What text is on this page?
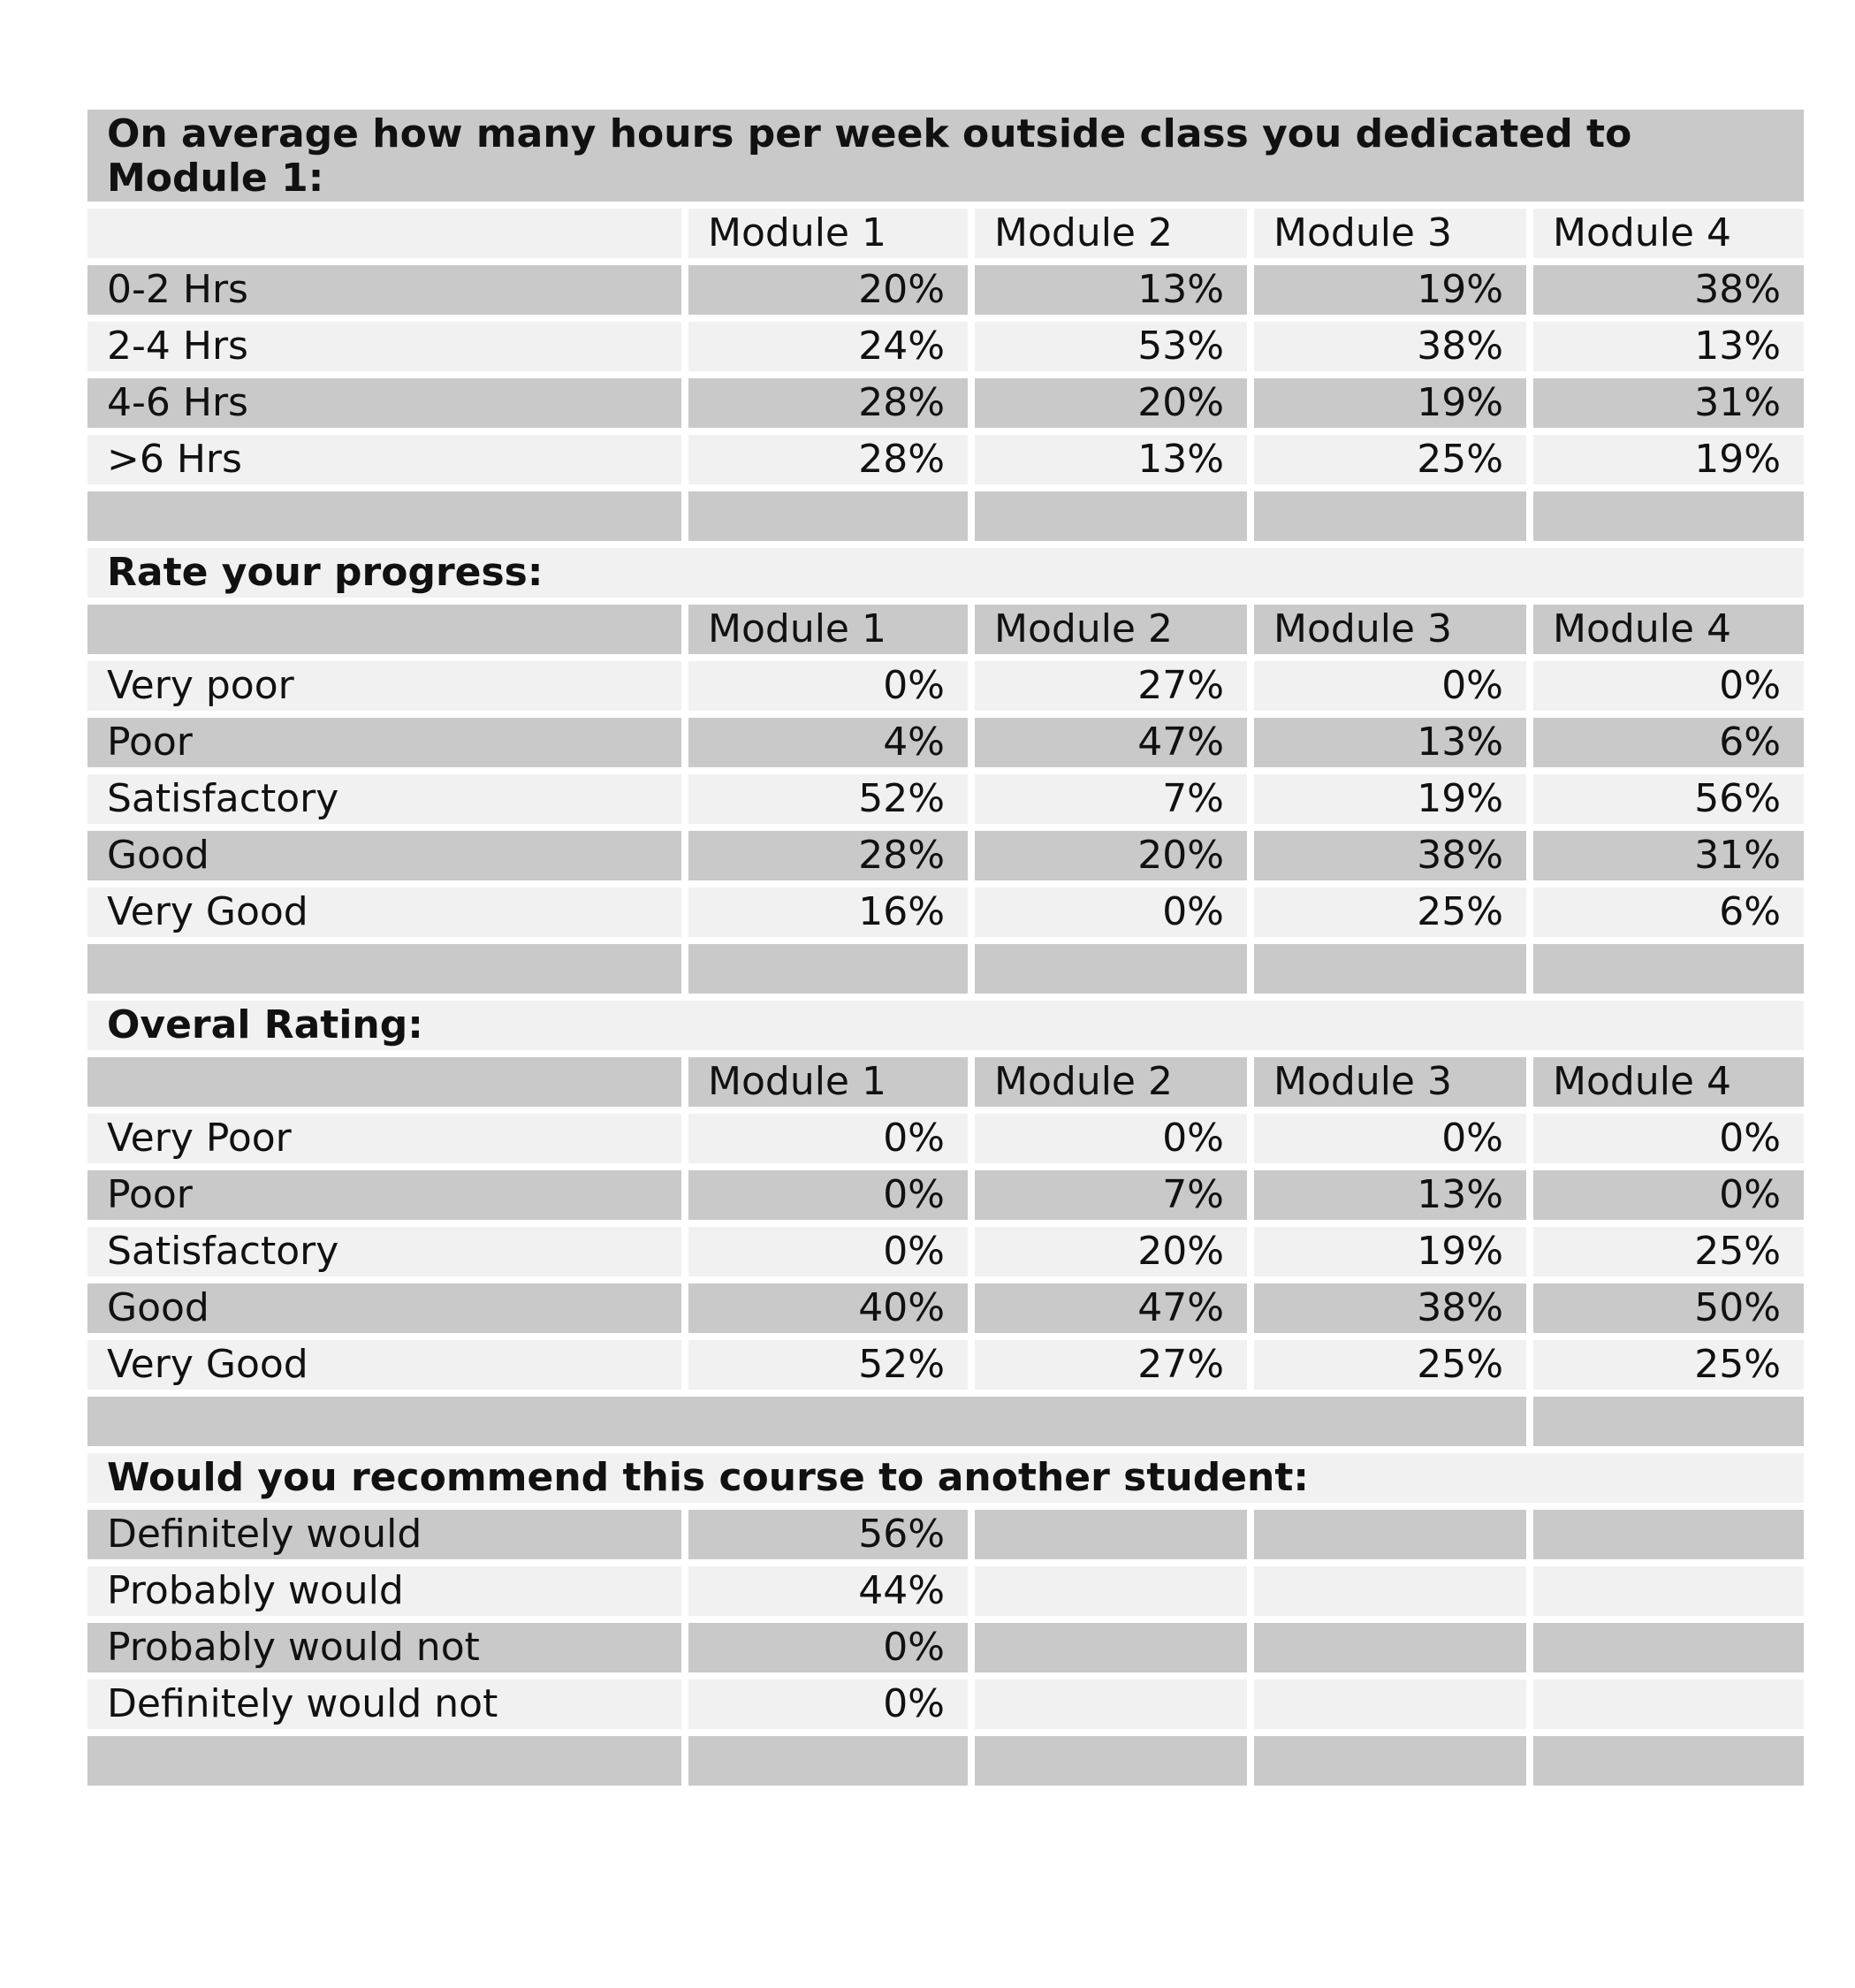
On average how many hours per week outside class you dedicated to Module 1:				
	Module 1	Module 2	Module 3	Module 4
0-2 Hrs	20%	13%	19%	38%
2-4 Hrs	24%	53%	38%	13%
4-6 Hrs	28%	20%	19%	31%
>6 Hrs	28%	13%	25%	19%

Rate your progress:				
	Module 1	Module 2	Module 3	Module 4
Very poor	0%	27%	0%	0%
Poor	4%	47%	13%	6%
Satisfactory	52%	7%	19%	56%
Good	28%	20%	38%	31%
Very Good	16%	0%	25%	6%

Overal Rating:				
	Module 1	Module 2	Module 3	Module 4
Very Poor	0%	0%	0%	0%
Poor	0%	7%	13%	0%
Satisfactory	0%	20%	19%	25%
Good	40%	47%	38%	50%
Very Good	52%	27%	25%	25%

Would you recommend this course to another student:				
Definitely would	56%			
Probably would	44%			
Probably would not	0%			
Definitely would not	0%			
